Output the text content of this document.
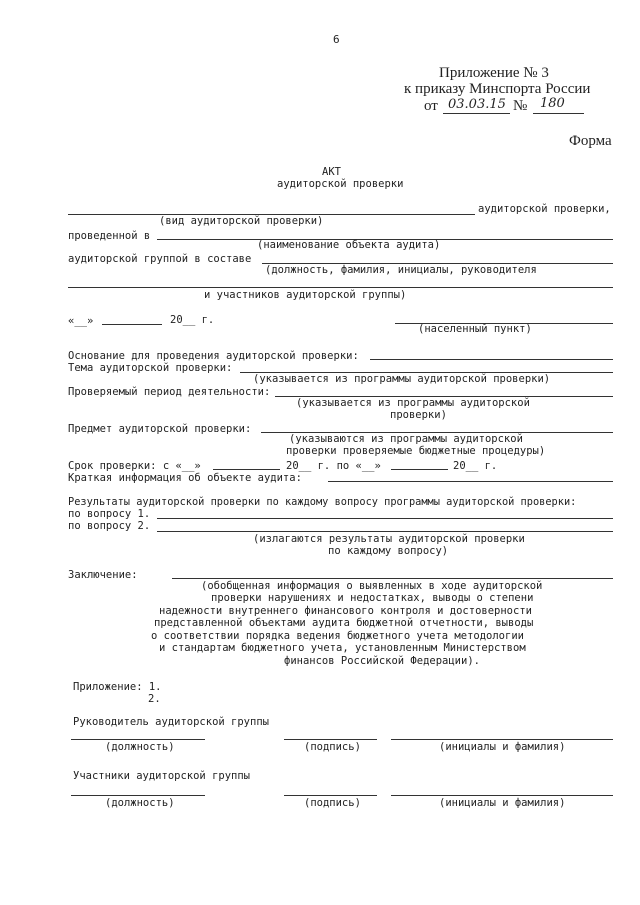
6
Приложение № 3
к приказу Минспорта России
от 03.03.15 № 180
Форма
АКТ
аудиторской проверки
аудиторской проверки,
(вид аудиторской проверки)
проведенной в
(наименование объекта аудита)
аудиторской группой в составе
(должность, фамилия, инициалы, руководителя
и участников аудиторской группы)
«__»	20__ г.
(населенный пункт)
Основание для проведения аудиторской проверки:
Тема аудиторской проверки:
(указывается из программы аудиторской проверки)
Проверяемый период деятельности:
(указывается из программы аудиторской
проверки)
Предмет аудиторской проверки:
(указываются из программы аудиторской
проверки проверяемые бюджетные процедуры)
Срок проверки: с «__»	20__ г. по «__»	20__ г.
Краткая информация об объекте аудита:
Результаты аудиторской проверки по каждому вопросу программы аудиторской проверки:
по вопросу 1.
по вопросу 2.
(излагаются результаты аудиторской проверки
по каждому вопросу)
Заключение:
(обобщенная информация о выявленных в ходе аудиторской
проверки нарушениях и недостатках, выводы о степени
надежности внутреннего финансового контроля и достоверности
представленной объектами аудита бюджетной отчетности, выводы
о соответствии порядка ведения бюджетного учета методологии
и стандартам бюджетного учета, установленным Министерством
финансов Российской Федерации).
Приложение: 1.
2.
Руководитель аудиторской группы
(должность)	(подпись)	(инициалы и фамилия)
Участники аудиторской группы
(должность)	(подпись)	(инициалы и фамилия)
